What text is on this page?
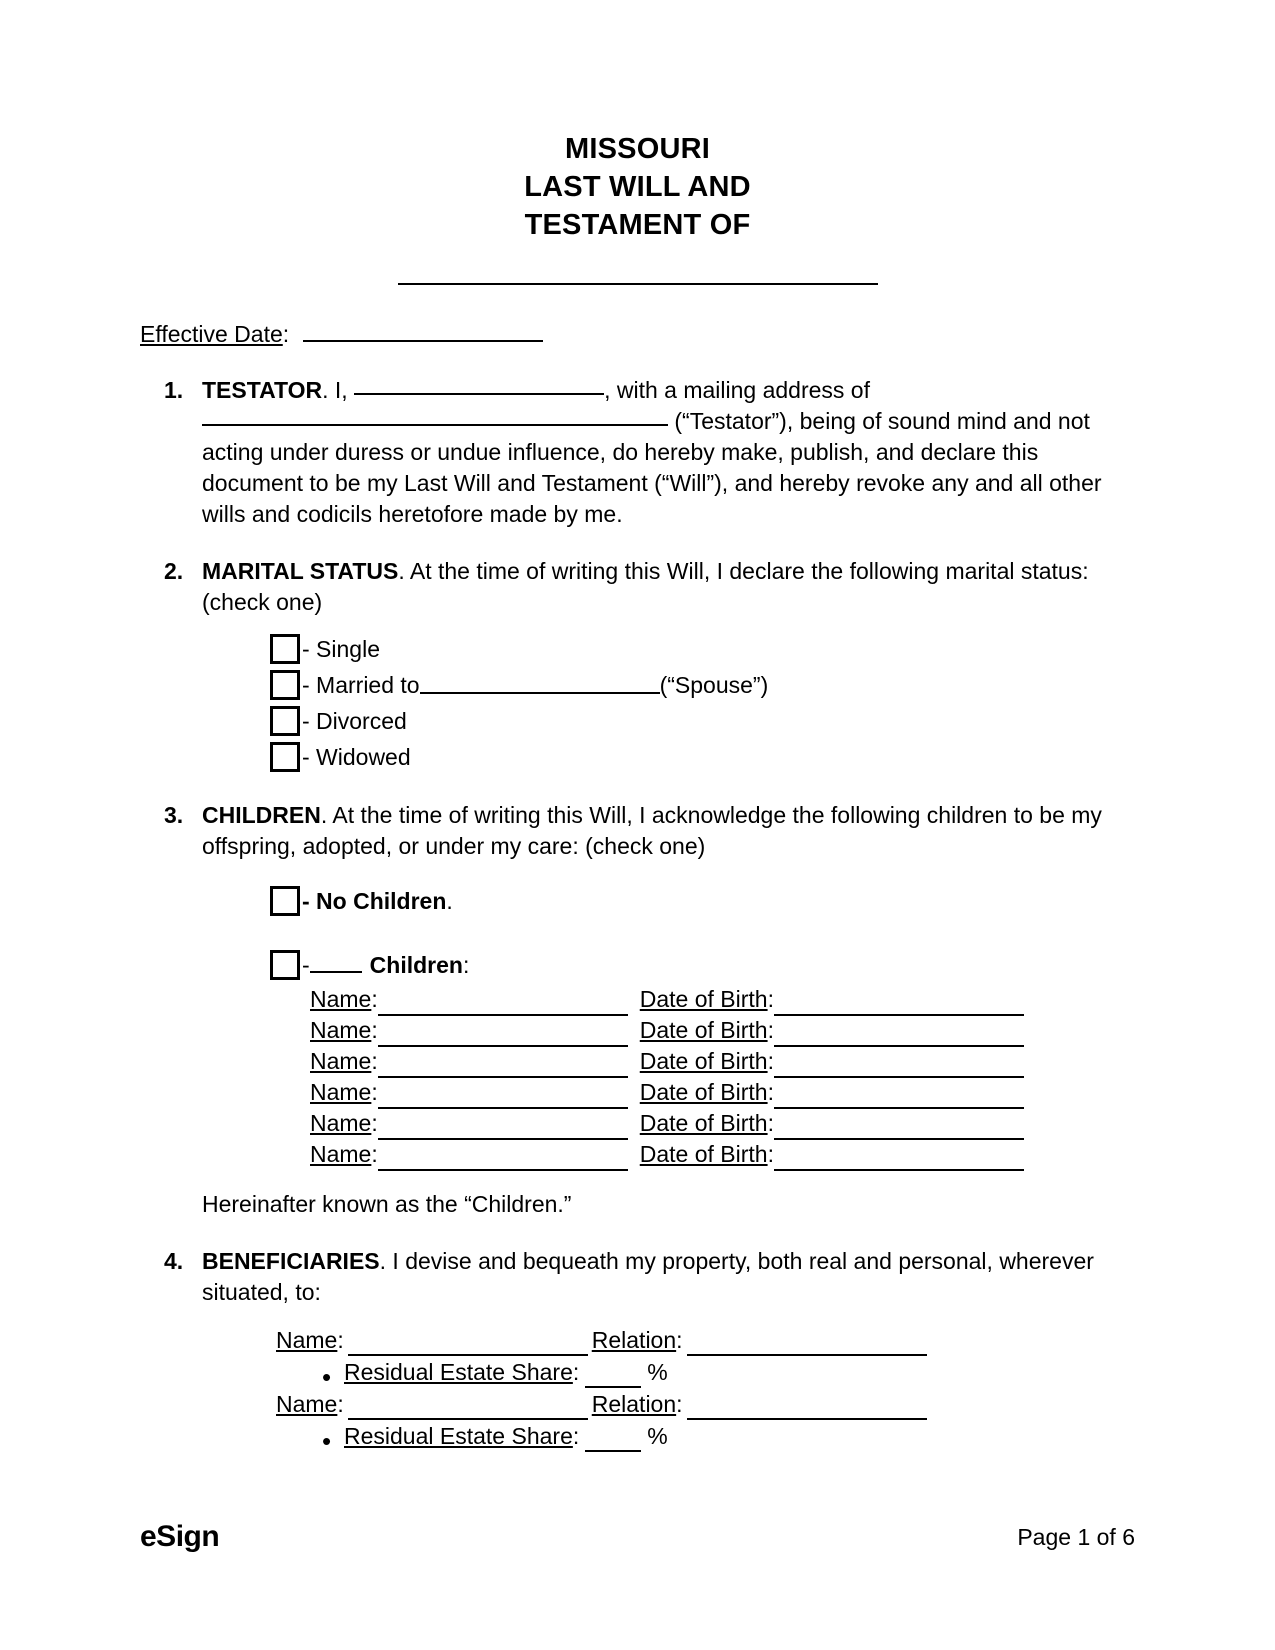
MISSOURI
LAST WILL AND
TESTAMENT OF
Effective Date :
1. TESTATOR. I,	, with a mailing address of
(“Testator”), being of sound mind and not acting under duress or undue influence, do hereby make, publish, and declare this document to be my Last Will and Testament (“Will”), and hereby revoke any and all other wills and codicils heretofore made by me.
2. MARITAL STATUS. At the time of writing this Will, I declare the following marital status: (check one)
- Single
- Married to	(“Spouse”)
- Divorced
- Widowed
3. CHILDREN. At the time of writing this Will, I acknowledge the following children to be my offspring, adopted, or under my care: (check one)
- No Children .
-	Children :
Name	:			Date of Birth	:	
Name	:			Date of Birth	:	
Name	:			Date of Birth	:	
Name	:			Date of Birth	:	
Name	:			Date of Birth	:	
Name	:			Date of Birth	:	
Hereinafter known as the “Children.”
4. BENEFICIARIES. I devise and bequeath my property, both real and personal, wherever situated, to:
Name :	Relation :
• Residual Estate Share :	%
Name :	Relation :
• Residual Estate Share :	%
eSign	Page 1 of 6
